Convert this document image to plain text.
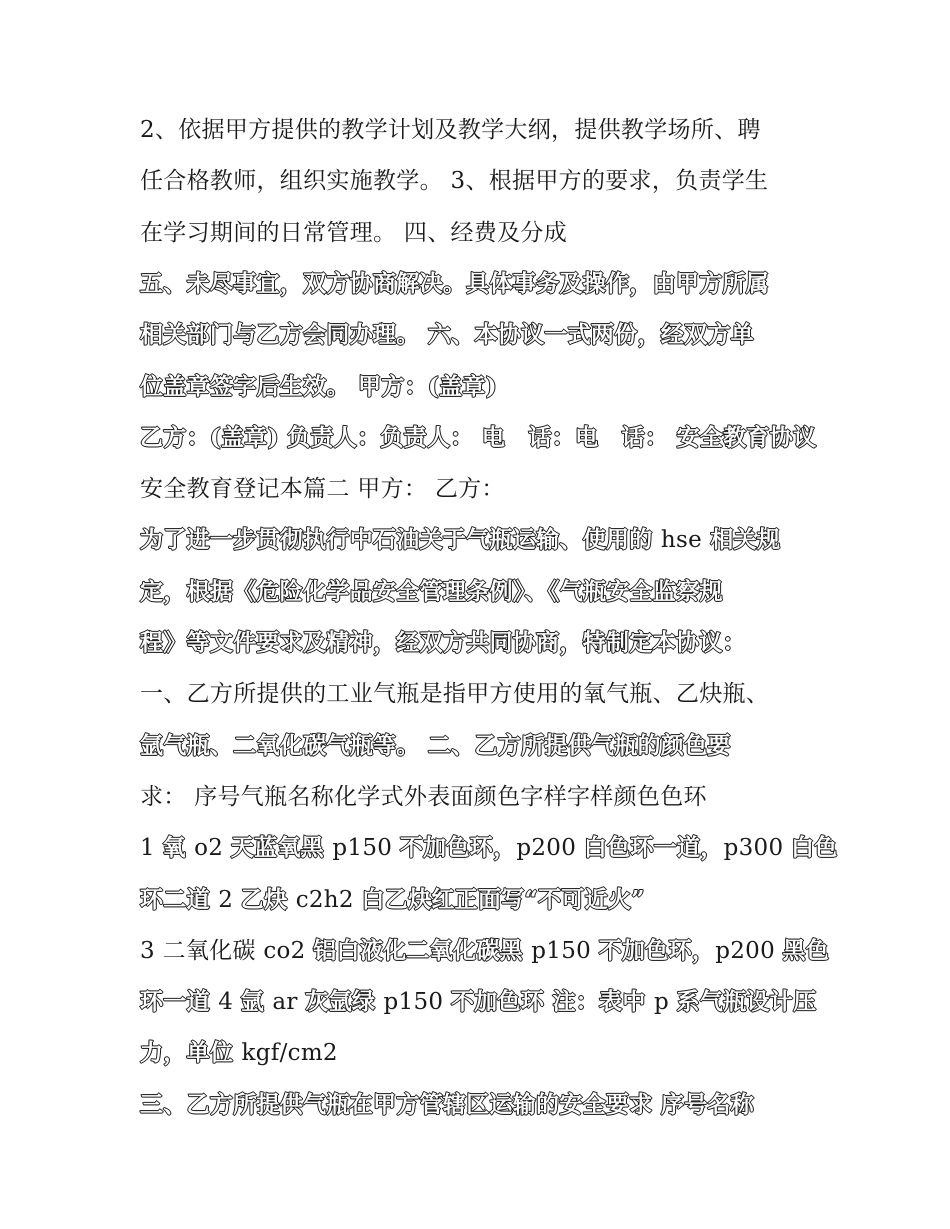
2、依据甲方提供的教学计划及教学大纲，提供教学场所、聘
任合格教师，组织实施教学。 3、根据甲方的要求，负责学生
在学习期间的日常管理。 四、经费及分成
五、未尽事宜，双方协商解决。具体事务及操作，由甲方所属
相关部门与乙方会同办理。 六、本协议一式两份，经双方单
位盖章签字后生效。 甲方：(盖章)
乙方：(盖章) 负责人：负责人： 电　话：电　话： 安全教育协议
安全教育登记本篇二 甲方： 乙方：
为了进一步贯彻执行中石油关于气瓶运输、使用的 hse 相关规
定，根据《危险化学品安全管理条例》、《气瓶安全监察规
程》等文件要求及精神，经双方共同协商，特制定本协议：
一、乙方所提供的工业气瓶是指甲方使用的氧气瓶、乙炔瓶、
氩气瓶、二氧化碳气瓶等。 二、乙方所提供气瓶的颜色要
求： 序号气瓶名称化学式外表面颜色字样字样颜色色环
1 氧 o2 天蓝氧黑 p150 不加色环，p200 白色环一道，p300 白色
环二道 2 乙炔 c2h2 白乙炔红正面写“不可近火”
3 二氧化碳 co2 铝白液化二氧化碳黑 p150 不加色环，p200 黑色
环一道 4 氩 ar 灰氩绿 p150 不加色环 注：表中 p 系气瓶设计压
力，单位 kgf/cm2
三、乙方所提供气瓶在甲方管辖区运输的安全要求 序号名称
